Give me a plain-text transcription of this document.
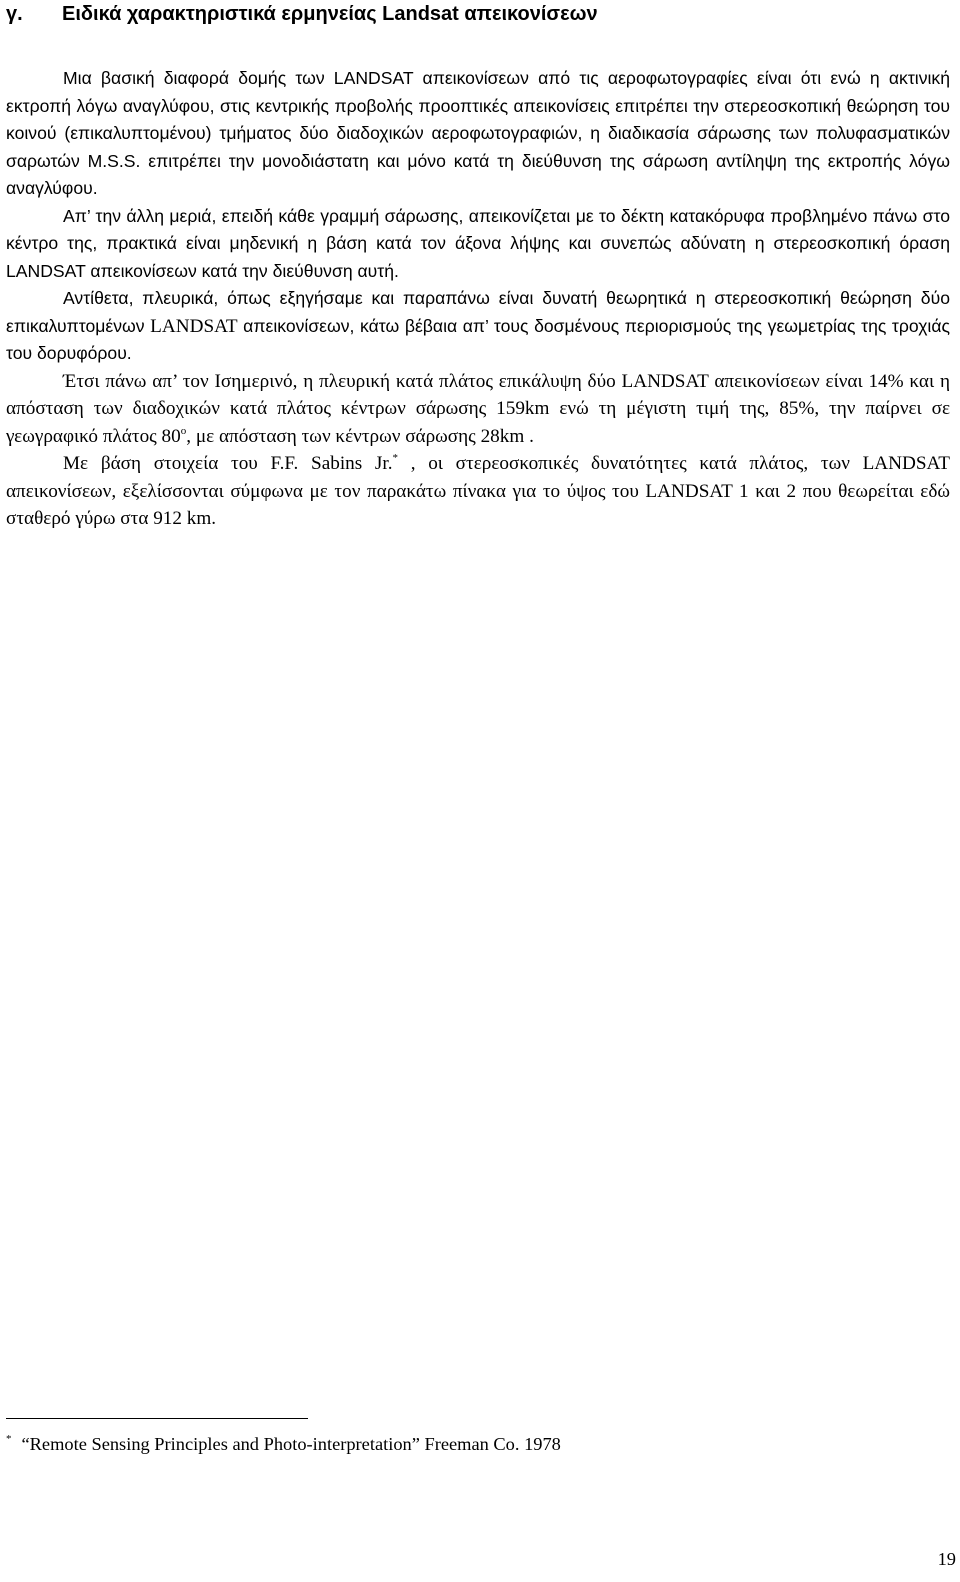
γ. Ειδικά χαρακτηριστικά ερμηνείας Landsat απεικονίσεων

Μια βασική διαφορά δομής των LANDSAT απεικονίσεων από τις αεροφωτογραφίες είναι ότι ενώ η ακτινική εκτροπή λόγω αναγλύφου, στις κεντρικής προβολής προοπτικές απεικονίσεις επιτρέπει την στερεοσκοπική θεώρηση του κοινού (επικαλυπτομένου) τμήματος δύο διαδοχικών αεροφωτογραφιών, η διαδικασία σάρωσης των πολυφασματικών σαρωτών M.S.S. επιτρέπει την μονοδιάστατη και μόνο κατά τη διεύθυνση της σάρωση αντίληψη της εκτροπής λόγω αναγλύφου.

Απ’ την άλλη μεριά, επειδή κάθε γραμμή σάρωσης, απεικονίζεται με το δέκτη κατακόρυφα προβλημένο πάνω στο κέντρο της, πρακτικά είναι μηδενική η βάση κατά τον άξονα λήψης και συνεπώς αδύνατη η στερεοσκοπική όραση LANDSAT απεικονίσεων κατά την διεύθυνση αυτή.

Αντίθετα, πλευρικά, όπως εξηγήσαμε και παραπάνω είναι δυνατή θεωρητικά η στερεοσκοπική θεώρηση δύο επικαλυπτομένων LANDSAT απεικονίσεων, κάτω βέβαια απ’ τους δοσμένους περιορισμούς της γεωμετρίας της τροχιάς του δορυφόρου.

Έτσι πάνω απ’ τον Ισημερινό, η πλευρική κατά πλάτος επικάλυψη δύο LANDSAT απεικονίσεων είναι 14% και η απόσταση των διαδοχικών κατά πλάτος κέντρων σάρωσης 159km ενώ τη μέγιστη τιμή της, 85%, την παίρνει σε γεωγραφικό πλάτος $80^o$, με απόσταση των κέντρων σάρωσης 28km .

Με βάση στοιχεία του F.F. Sabins Jr.* , οι στερεοσκοπικές δυνατότητες κατά πλάτος, των LANDSAT απεικονίσεων, εξελίσσονται σύμφωνα με τον παρακάτω πίνακα για το ύψος του LANDSAT 1 και 2 που θεωρείται εδώ σταθερό γύρω στα 912 km.

* “Remote Sensing Principles and Photo-interpretation” Freeman Co. 1978
19
